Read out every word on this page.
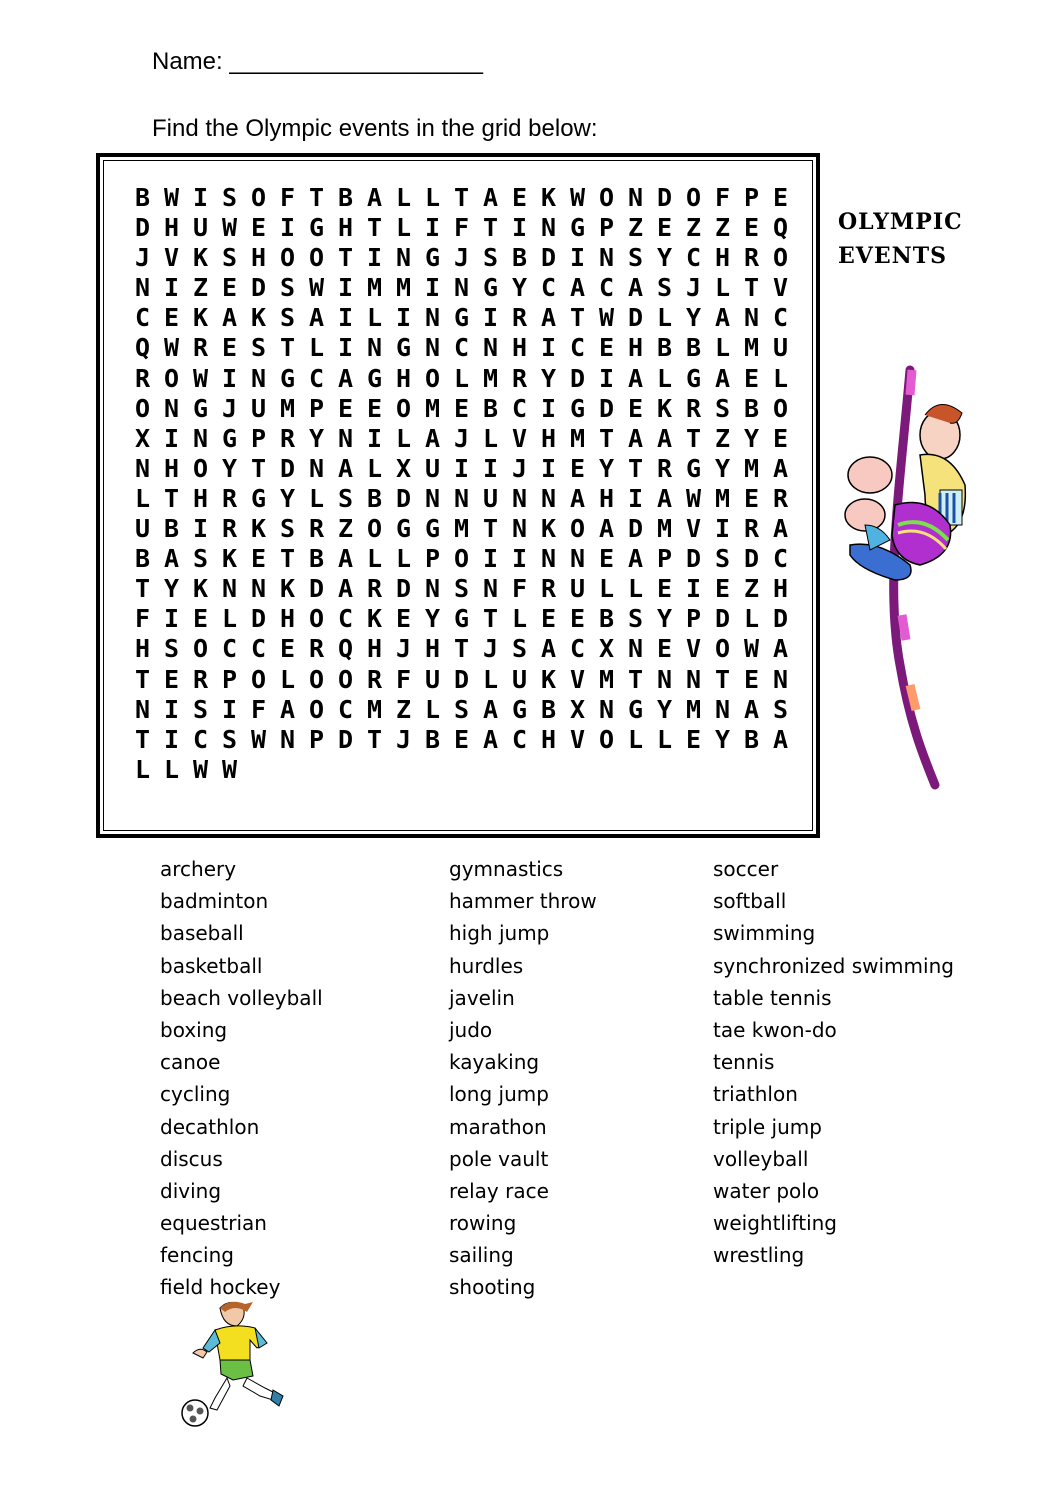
Name: ___________________
Find the Olympic events in the grid below:
B W I S O F T B A L L T A E K W O N D O F P E
D H U W E I G H T L I F T I N G P Z E Z Z E Q
J V K S H O O T I N G J S B D I N S Y C H R O
N I Z E D S W I M M I N G Y C A C A S J L T V
C E K A K S A I L I N G I R A T W D L Y A N C
Q W R E S T L I N G N C N H I C E H B B L M U
R O W I N G C A G H O L M R Y D I A L G A E L
O N G J U M P E E O M E B C I G D E K R S B O
X I N G P R Y N I L A J L V H M T A A T Z Y E
N H O Y T D N A L X U I I J I E Y T R G Y M A
L T H R G Y L S B D N N U N N A H I A W M E R
U B I R K S R Z O G G M T N K O A D M V I R A
B A S K E T B A L L P O I I N N E A P D S D C
T Y K N N K D A R D N S N F R U L L E I E Z H
F I E L D H O C K E Y G T L E E B S Y P D L D
H S O C C E R Q H J H T J S A C X N E V O W A
T E R P O L O O R F U D L U K V M T N N T E N
N I S I F A O C M Z L S A G B X N G Y M N A S
T I C S W N P D T J B E A C H V O L L E Y B A
L L W W
OLYMPIC
EVENTS
archery
badminton
baseball
basketball
beach volleyball
boxing
canoe
cycling
decathlon
discus
diving
equestrian
fencing
field hockey
gymnastics
hammer throw
high jump
hurdles
javelin
judo
kayaking
long jump
marathon
pole vault
relay race
rowing
sailing
shooting
soccer
softball
swimming
synchronized swimming
table tennis
tae kwon-do
tennis
triathlon
triple jump
volleyball
water polo
weightlifting
wrestling
